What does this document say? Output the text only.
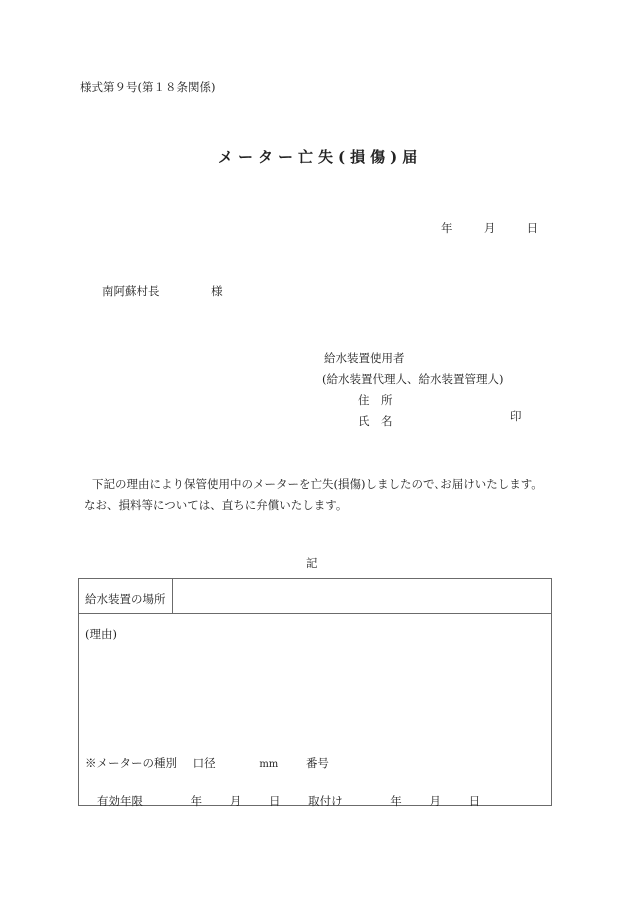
様式第９号(第１８条関係)
メーター亡失(損傷)届
年	月	日
南阿蘇村長	様
給水装置使用者
(給水装置代理人、給水装置管理人)
住　所
氏　名	印
下記の理由により保管使用中のメーターを亡失(損傷)しましたので､お届けいたします。
なお、損料等については、直ちに弁償いたします。
記
給水装置の場所
(理由)
※メーターの種別 口径	mm 番号
有効年限	年 月 日 取付け	年 月 日
